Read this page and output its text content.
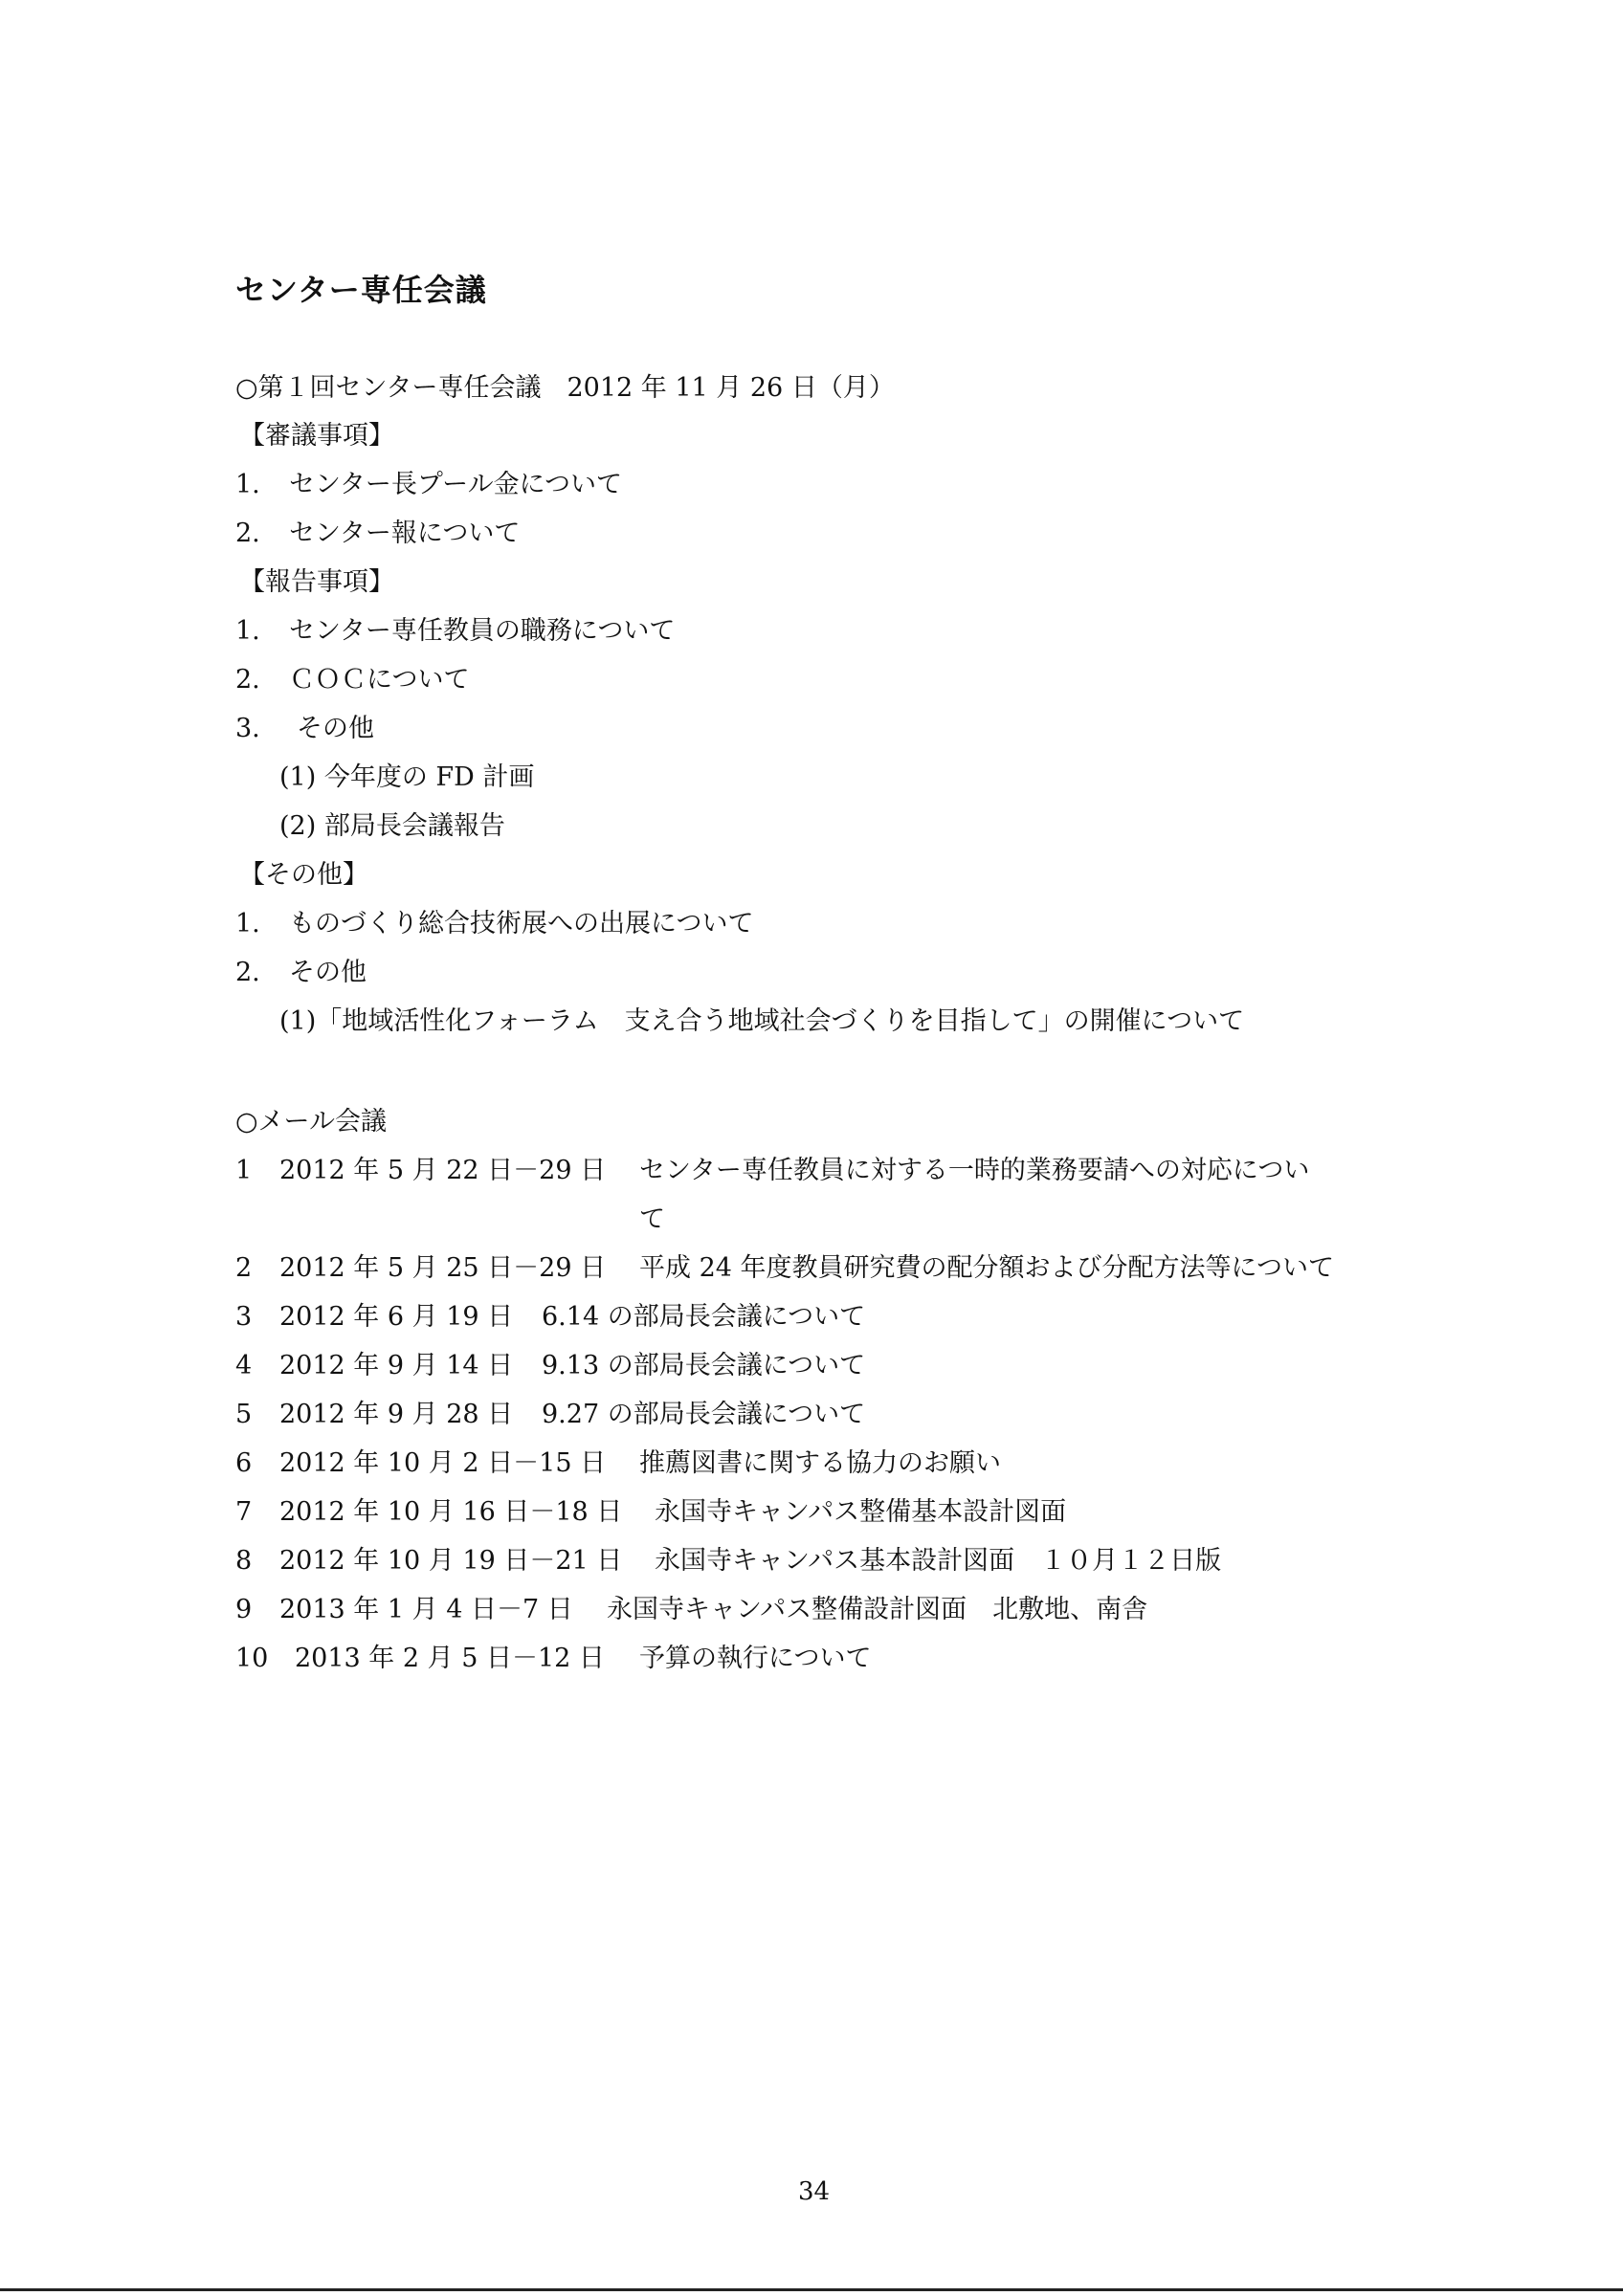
センター専任会議
○第１回センター専任会議　2012 年 11 月 26 日（月）
【審議事項】
1. センター長プール金について
2. センター報について
【報告事項】
1. センター専任教員の職務について
2. ＣＯＣについて
3. その他
(1) 今年度の FD 計画
(2) 部局長会議報告
【その他】
1. ものづくり総合技術展への出展について
2. その他
(1)「地域活性化フォーラム　支え合う地域社会づくりを目指して」の開催について
○メール会議
1 2012 年 5 月 22 日－29 日 センター専任教員に対する一時的業務要請への対応につい
て
2 2012 年 5 月 25 日－29 日 平成 24 年度教員研究費の配分額および分配方法等について
3 2012 年 6 月 19 日 6.14 の部局長会議について
4 2012 年 9 月 14 日 9.13 の部局長会議について
5 2012 年 9 月 28 日 9.27 の部局長会議について
6 2012 年 10 月 2 日－15 日 推薦図書に関する協力のお願い
7 2012 年 10 月 16 日－18 日 永国寺キャンパス整備基本設計図面
8 2012 年 10 月 19 日－21 日 永国寺キャンパス基本設計図面　１０月１２日版
9 2013 年 1 月 4 日－7 日 永国寺キャンパス整備設計図面　北敷地、南舎
10 2013 年 2 月 5 日－12 日 予算の執行について
34
